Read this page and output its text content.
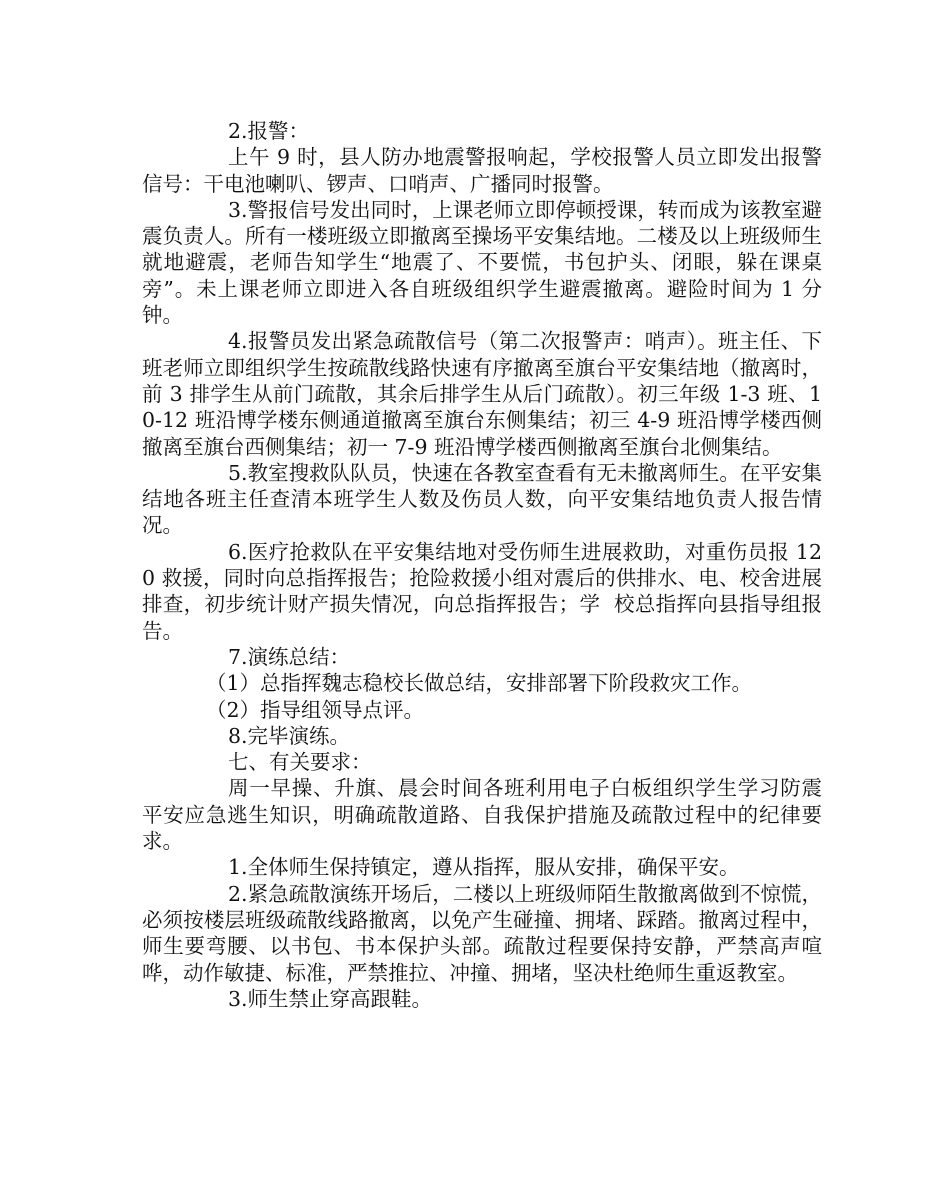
2.报警：

上午 9 时，县人防办地震警报响起，学校报警人员立即发出报警信号：干电池喇叭、锣声、口哨声、广播同时报警。

3.警报信号发出同时，上课老师立即停顿授课，转而成为该教室避震负责人。所有一楼班级立即撤离至操场平安集结地。二楼及以上班级师生就地避震，老师告知学生“地震了、不要慌，书包护头、闭眼，躲在课桌旁”。未上课老师立即进入各自班级组织学生避震撤离。避险时间为 1 分钟。

4.报警员发出紧急疏散信号（第二次报警声：哨声）。班主任、下班老师立即组织学生按疏散线路快速有序撤离至旗台平安集结地（撤离时，前 3 排学生从前门疏散，其余后排学生从后门疏散）。初三年级 1-3 班、10-12 班沿博学楼东侧通道撤离至旗台东侧集结；初三 4-9 班沿博学楼西侧撤离至旗台西侧集结；初一 7-9 班沿博学楼西侧撤离至旗台北侧集结。

5.教室搜救队队员，快速在各教室查看有无未撤离师生。在平安集结地各班主任查清本班学生人数及伤员人数，向平安集结地负责人报告情况。

6.医疗抢救队在平安集结地对受伤师生进展救助，对重伤员报 120 救援，同时向总指挥报告；抢险救援小组对震后的供排水、电、校舍进展排查，初步统计财产损失情况，向总指挥报告；学  校总指挥向县指导组报告。

7.演练总结：

（1）总指挥魏志稳校长做总结，安排部署下阶段救灾工作。

（2）指导组领导点评。

8.完毕演练。

七、有关要求：

周一早操、升旗、晨会时间各班利用电子白板组织学生学习防震平安应急逃生知识，明确疏散道路、自我保护措施及疏散过程中的纪律要求。

1.全体师生保持镇定，遵从指挥，服从安排，确保平安。

2.紧急疏散演练开场后，二楼以上班级师陌生散撤离做到不惊慌，必须按楼层班级疏散线路撤离，以免产生碰撞、拥堵、踩踏。撤离过程中，师生要弯腰、以书包、书本保护头部。疏散过程要保持安静，严禁高声喧哗，动作敏捷、标准，严禁推拉、冲撞、拥堵，坚决杜绝师生重返教室。

3.师生禁止穿高跟鞋。
